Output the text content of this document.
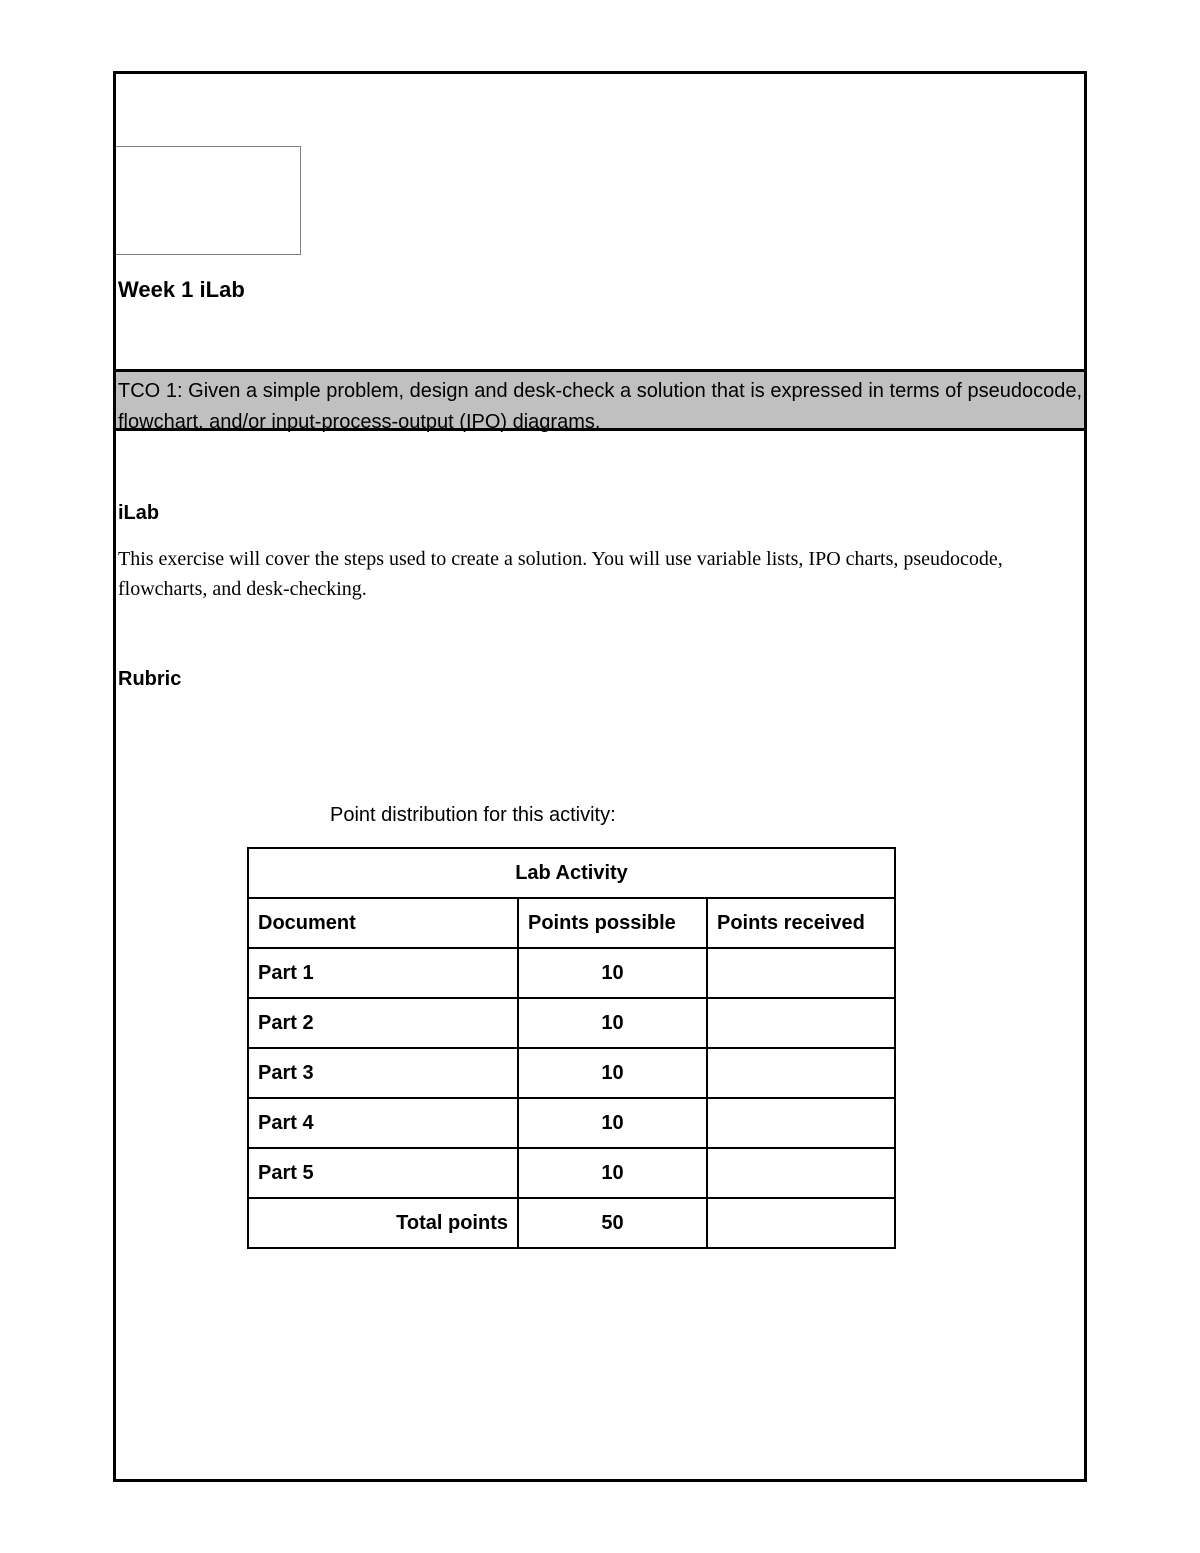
Week 1 iLab
TCO 1: Given a simple problem, design and desk-check a solution that is expressed in terms of pseudocode, flowchart, and/or input-process-output (IPO) diagrams.
iLab

This exercise will cover the steps used to create a solution. You will use variable lists, IPO charts, pseudocode, flowcharts, and desk-checking.

Rubric

Point distribution for this activity:

Lab Activity		
Document	Points possible	Points received
Part 1	10	
Part 2	10	
Part 3	10	
Part 4	10	
Part 5	10	
Total points	50	
